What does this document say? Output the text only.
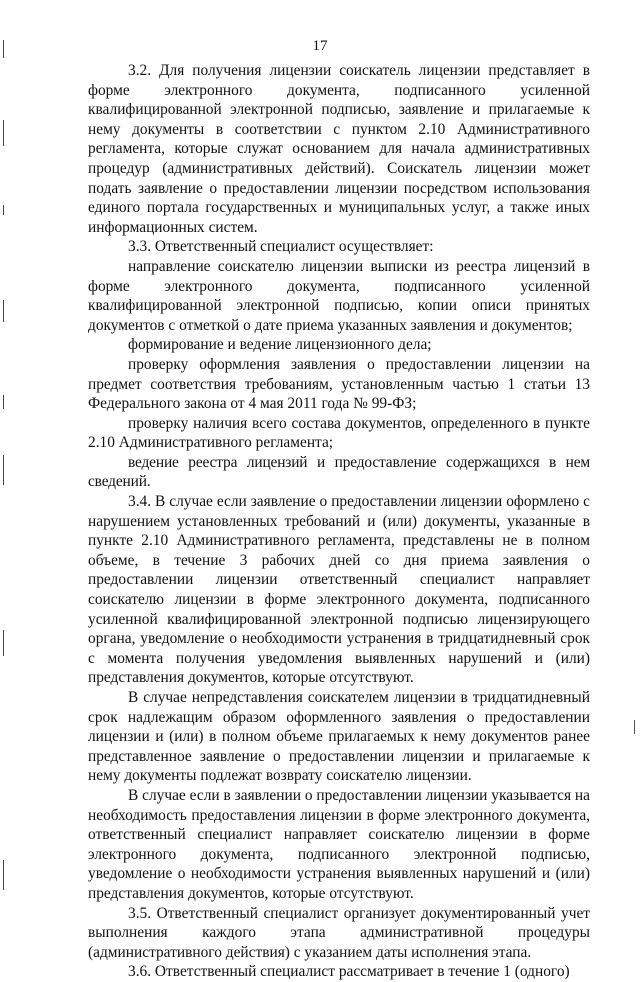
17

3.2. Для получения лицензии соискатель лицензии представляет в форме электронного документа, подписанного усиленной квалифицированной электронной подписью, заявление и прилагаемые к нему документы в соответствии с пунктом 2.10 Административного регламента, которые служат основанием для начала административных процедур (административных действий). Соискатель лицензии может подать заявление о предоставлении лицензии посредством использования единого портала государственных и муниципальных услуг, а также иных информационных систем.

3.3. Ответственный специалист осуществляет:

направление соискателю лицензии выписки из реестра лицензий в форме электронного документа, подписанного усиленной квалифицированной электронной подписью, копии описи принятых документов с отметкой о дате приема указанных заявления и документов;

формирование и ведение лицензионного дела;

проверку оформления заявления о предоставлении лицензии на предмет соответствия требованиям, установленным частью 1 статьи 13 Федерального закона от 4 мая 2011 года № 99-ФЗ;

проверку наличия всего состава документов, определенного в пункте 2.10 Административного регламента;

ведение реестра лицензий и предоставление содержащихся в нем сведений.

3.4. В случае если заявление о предоставлении лицензии оформлено с нарушением установленных требований и (или) документы, указанные в пункте 2.10 Административного регламента, представлены не в полном объеме, в течение 3 рабочих дней со дня приема заявления о предоставлении лицензии ответственный специалист направляет соискателю лицензии в форме электронного документа, подписанного усиленной квалифицированной электронной подписью лицензирующего органа, уведомление о необходимости устранения в тридцатидневный срок с момента получения уведомления выявленных нарушений и (или) представления документов, которые отсутствуют.

В случае непредставления соискателем лицензии в тридцатидневный срок надлежащим образом оформленного заявления о предоставлении лицензии и (или) в полном объеме прилагаемых к нему документов ранее представленное заявление о предоставлении лицензии и прилагаемые к нему документы подлежат возврату соискателю лицензии.

В случае если в заявлении о предоставлении лицензии указывается на необходимость предоставления лицензии в форме электронного документа, ответственный специалист направляет соискателю лицензии в форме электронного документа, подписанного электронной подписью, уведомление о необходимости устранения выявленных нарушений и (или) представления документов, которые отсутствуют.

3.5. Ответственный специалист организует документированный учет выполнения каждого этапа административной процедуры (административного действия) с указанием даты исполнения этапа.

3.6. Ответственный специалист рассматривает в течение 1 (одного)
